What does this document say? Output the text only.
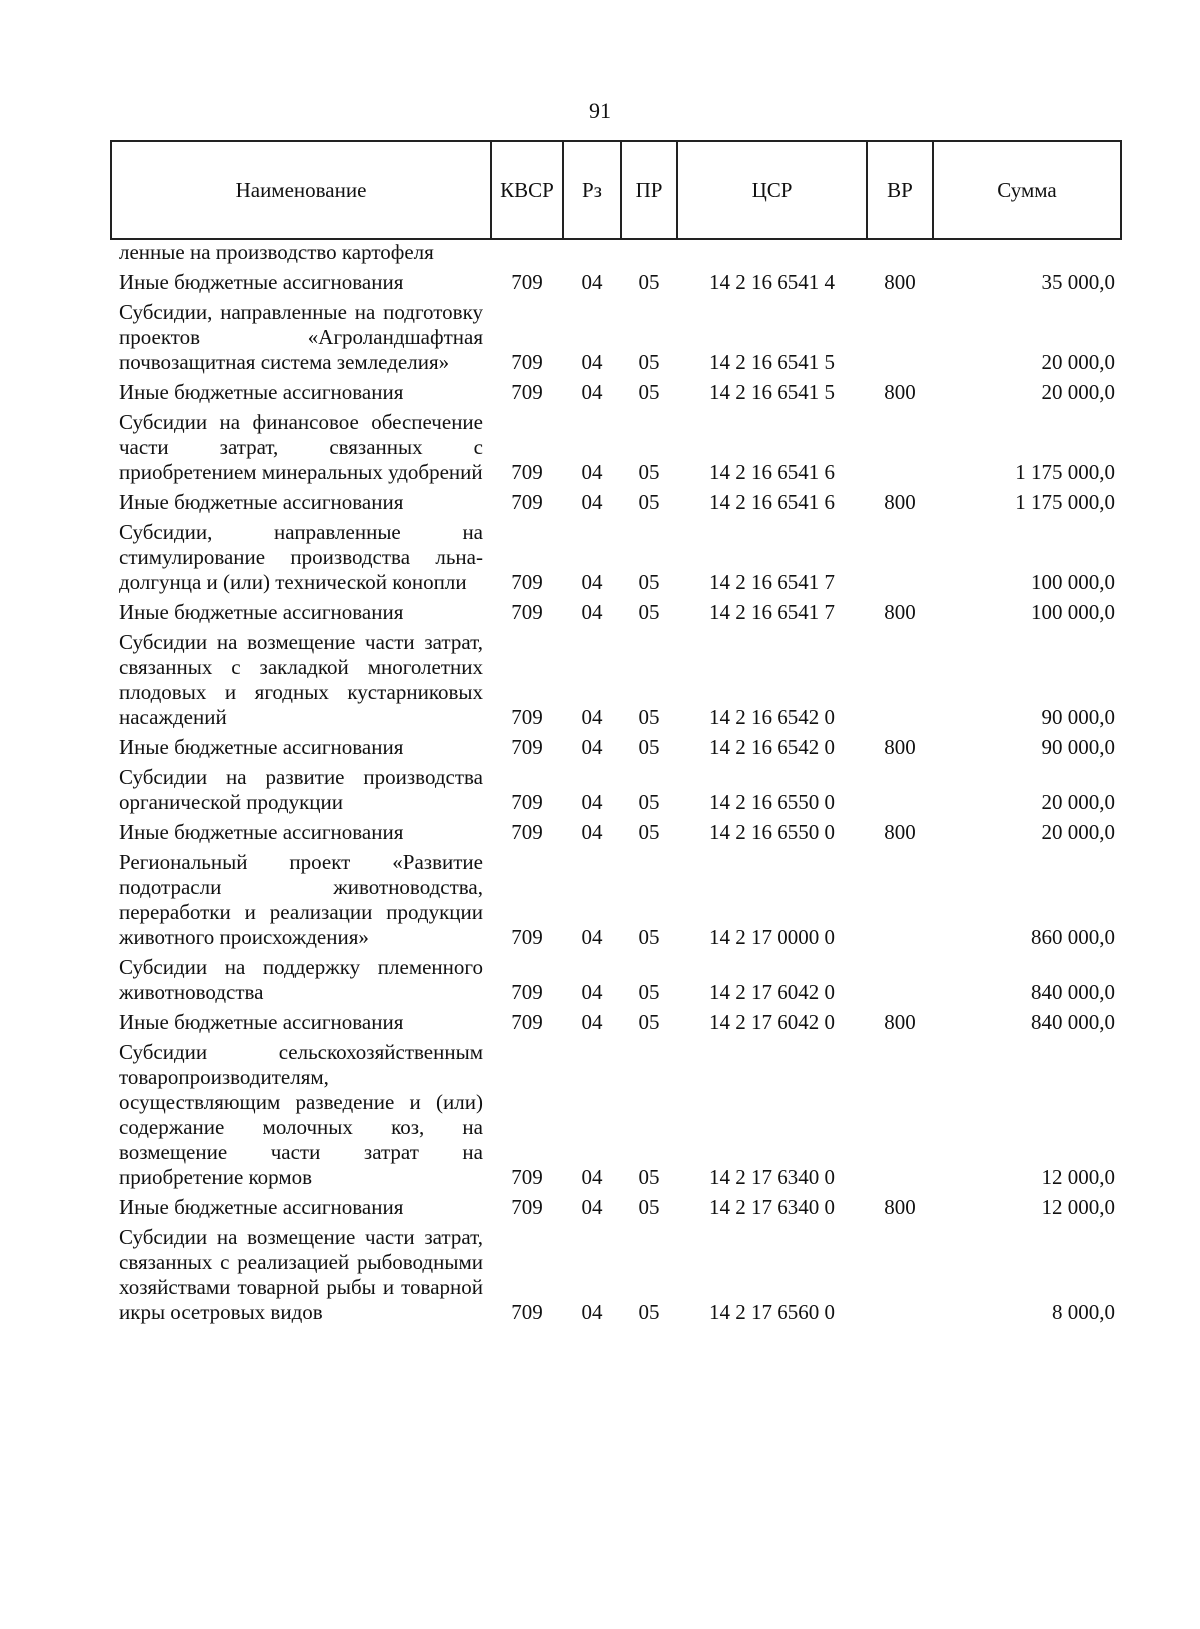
91
Наименование	КВСР	Рз	ПР	ЦСР	ВР	Сумма
ленные на производство картофеля						
Иные бюджетные ассигнования	709	04	05	14 2 16 6541 4	800	35 000,0
Субсидии, направленные на подготовку проектов «Агроландшафтная почвозащитная система земледелия»	709	04	05	14 2 16 6541 5		20 000,0
Иные бюджетные ассигнования	709	04	05	14 2 16 6541 5	800	20 000,0
Субсидии на финансовое обеспечение части затрат, связанных с приобретением минеральных удобрений	709	04	05	14 2 16 6541 6		1 175 000,0
Иные бюджетные ассигнования	709	04	05	14 2 16 6541 6	800	1 175 000,0
Субсидии, направленные на стимулирование производства льна-долгунца и (или) технической конопли	709	04	05	14 2 16 6541 7		100 000,0
Иные бюджетные ассигнования	709	04	05	14 2 16 6541 7	800	100 000,0
Субсидии на возмещение части затрат, связанных с закладкой многолетних плодовых и ягодных кустарниковых насаждений	709	04	05	14 2 16 6542 0		90 000,0
Иные бюджетные ассигнования	709	04	05	14 2 16 6542 0	800	90 000,0
Субсидии на развитие производства органической продукции	709	04	05	14 2 16 6550 0		20 000,0
Иные бюджетные ассигнования	709	04	05	14 2 16 6550 0	800	20 000,0
Региональный проект «Развитие подотрасли животноводства, переработки и реализации продукции животного происхождения»	709	04	05	14 2 17 0000 0		860 000,0
Субсидии на поддержку племенного животноводства	709	04	05	14 2 17 6042 0		840 000,0
Иные бюджетные ассигнования	709	04	05	14 2 17 6042 0	800	840 000,0
Субсидии сельскохозяйственным товаропроизводителям, осуществляющим разведение и (или) содержание молочных коз, на возмещение части затрат на приобретение кормов	709	04	05	14 2 17 6340 0		12 000,0
Иные бюджетные ассигнования	709	04	05	14 2 17 6340 0	800	12 000,0
Субсидии на возмещение части затрат, связанных с реализацией рыбоводными хозяйствами товарной рыбы и товарной икры осетровых видов	709	04	05	14 2 17 6560 0		8 000,0
